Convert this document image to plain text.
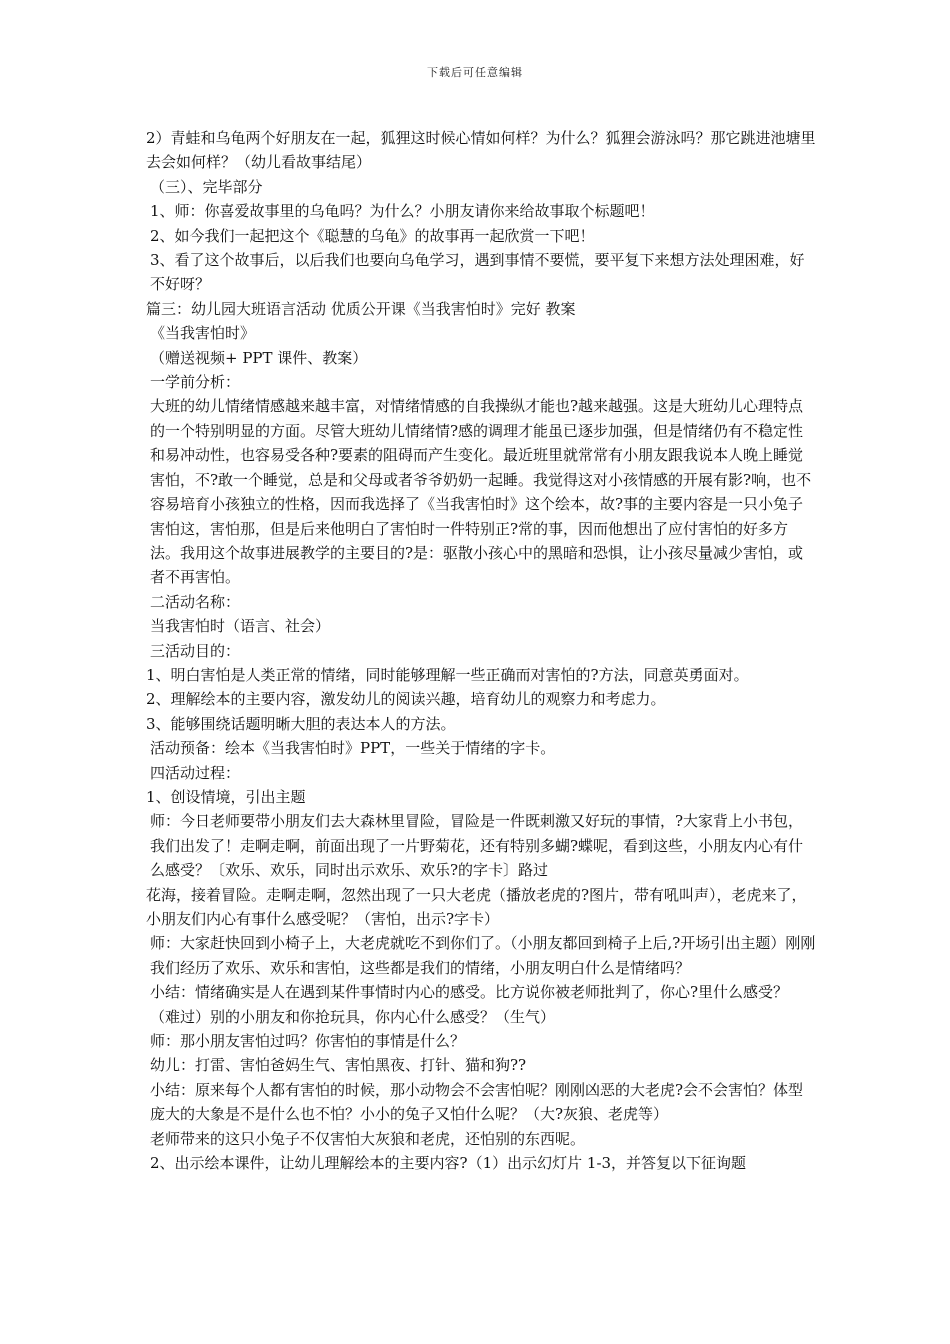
下载后可任意编辑

2）青蛙和乌龟两个好朋友在一起，狐狸这时候心情如何样？为什么？狐狸会游泳吗？那它跳进池塘里去会如何样？（幼儿看故事结尾）

（三）、完毕部分

1、师：你喜爱故事里的乌龟吗？为什么？小朋友请你来给故事取个标题吧！

2、如今我们一起把这个《聪慧的乌龟》的故事再一起欣赏一下吧！

3、看了这个故事后，以后我们也要向乌龟学习，遇到事情不要慌，要平复下来想方法处理困难，好不好呀？

篇三：幼儿园大班语言活动 优质公开课《当我害怕时》完好 教案

《当我害怕时》

（赠送视频+ PPT 课件、教案）

一学前分析：

大班的幼儿情绪情感越来越丰富，对情绪情感的自我操纵才能也?越来越强。这是大班幼儿心理特点的一个特别明显的方面。尽管大班幼儿情绪情?感的调理才能虽已逐步加强，但是情绪仍有不稳定性和易冲动性，也容易受各种?要素的阻碍而产生变化。最近班里就常常有小朋友跟我说本人晚上睡觉害怕，不?敢一个睡觉，总是和父母或者爷爷奶奶一起睡。我觉得这对小孩情感的开展有影?响，也不容易培育小孩独立的性格，因而我选择了《当我害怕时》这个绘本，故?事的主要内容是一只小兔子害怕这，害怕那，但是后来他明白了害怕时一件特别正?常的事，因而他想出了应付害怕的好多方法。我用这个故事进展教学的主要目的?是：驱散小孩心中的黑暗和恐惧，让小孩尽量减少害怕，或者不再害怕。

二活动名称：

当我害怕时（语言、社会）

三活动目的：

1、明白害怕是人类正常的情绪，同时能够理解一些正确而对害怕的?方法，同意英勇面对。

2、理解绘本的主要内容，激发幼儿的阅读兴趣，培育幼儿的观察力和考虑力。

3、能够围绕话题明晰大胆的表达本人的方法。

活动预备：绘本《当我害怕时》PPT，一些关于情绪的字卡。

四活动过程：

1、创设情境，引出主题

师：今日老师要带小朋友们去大森林里冒险，冒险是一件既刺激又好玩的事情，?大家背上小书包，我们出发了！走啊走啊，前面出现了一片野菊花，还有特别多蝴?蝶呢，看到这些，小朋友内心有什么感受？〔欢乐、欢乐，同时出示欢乐、欢乐?的字卡〕路过

花海，接着冒险。走啊走啊，忽然出现了一只大老虎（播放老虎的?图片，带有吼叫声），老虎来了，小朋友们内心有事什么感受呢？（害怕，出示?字卡）

师：大家赶快回到小椅子上，大老虎就吃不到你们了。（小朋友都回到椅子上后,?开场引出主题）刚刚我们经历了欢乐、欢乐和害怕，这些都是我们的情绪，小朋友明白什么是情绪吗？

小结：情绪确实是人在遇到某件事情时内心的感受。比方说你被老师批判了，你心?里什么感受？（难过）别的小朋友和你抢玩具，你内心什么感受？（生气）

师：那小朋友害怕过吗？你害怕的事情是什么？

幼儿：打雷、害怕爸妈生气、害怕黑夜、打针、猫和狗??

小结：原来每个人都有害怕的时候，那小动物会不会害怕呢？刚刚凶恶的大老虎?会不会害怕？体型庞大的大象是不是什么也不怕？小小的兔子又怕什么呢？（大?灰狼、老虎等）

老师带来的这只小兔子不仅害怕大灰狼和老虎，还怕别的东西呢。

2、出示绘本课件，让幼儿理解绘本的主要内容?（1）出示幻灯片 1-3，并答复以下征询题
